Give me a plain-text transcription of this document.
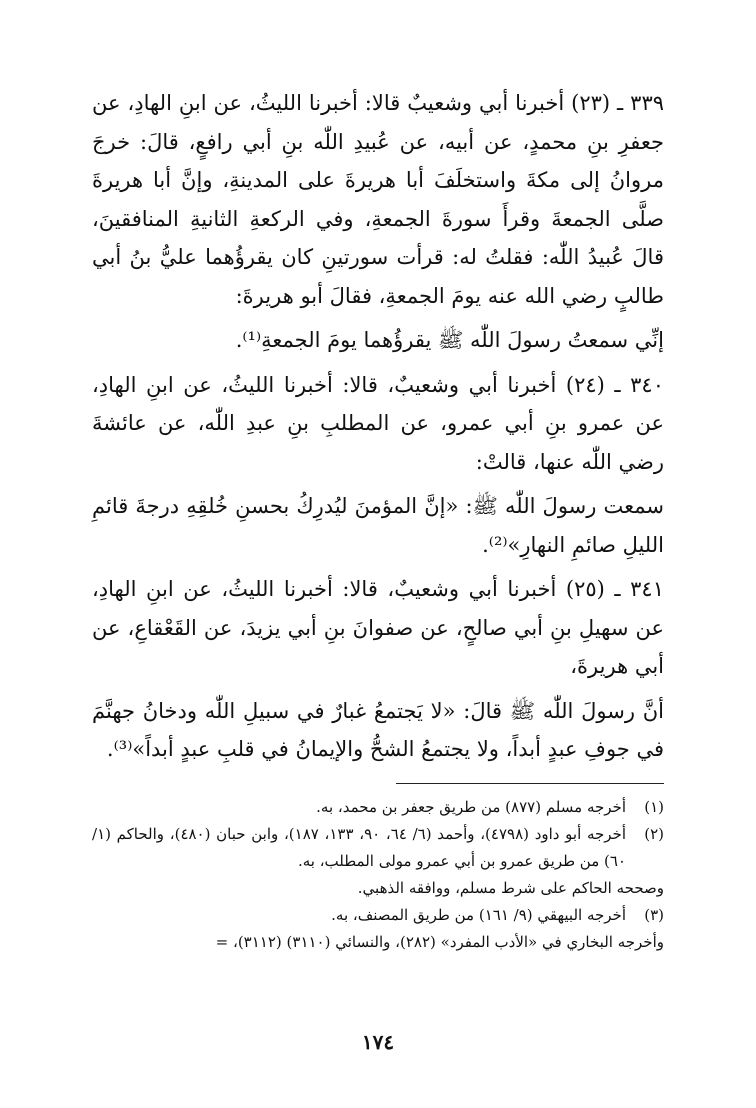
٣٣٩ ـ (٢٣) أخبرنا أبي وشعيبٌ قالا: أخبرنا الليثُ، عن ابنِ الهادِ، عن جعفرِ بنِ محمدٍ، عن أبيه، عن عُبيدِ اللّٰه بنِ أبي رافعٍ، قالَ: خرجَ مروانُ إلى مكةَ واستخلَفَ أبا هريرةَ على المدينةِ، وإنَّ أبا هريرةَ صلَّى الجمعةَ وقرأَ سورةَ الجمعةِ، وفي الركعةِ الثانيةِ المنافقينَ، قالَ عُبيدُ اللّٰه: فقلتُ له: قرأت سورتينِ كان يقرؤُهما عليُّ بنُ أبي طالبٍ رضي الله عنه يومَ الجمعةِ، فقالَ أبو هريرةَ:

إنِّي سمعتُ رسولَ اللّٰه ﷺ يقرؤُهما يومَ الجمعةِ⁽¹⁾.

٣٤٠ ـ (٢٤) أخبرنا أبي وشعيبٌ، قالا: أخبرنا الليثُ، عن ابنِ الهادِ، عن عمرو بنِ أبي عمرو، عن المطلبِ بنِ عبدِ اللّٰه، عن عائشةَ رضي اللّٰه عنها، قالتْ:

سمعت رسولَ اللّٰه ﷺ: «إنَّ المؤمنَ ليُدرِكُ بحسنِ خُلقِهِ درجةَ قائمِ الليلِ صائمِ النهارِ»⁽²⁾.

٣٤١ ـ (٢٥) أخبرنا أبي وشعيبٌ، قالا: أخبرنا الليثُ، عن ابنِ الهادِ، عن سهيلِ بنِ أبي صالحٍ، عن صفوانَ بنِ أبي يزيدَ، عن القَعْقاعِ، عن أبي هريرةَ،

أنَّ رسولَ اللّٰه ﷺ قالَ: «لا يَجتمعُ غبارٌ في سبيلِ اللّٰه ودخانُ جهنَّمَ في جوفِ عبدٍ أبداً، ولا يجتمعُ الشحُّ والإيمانُ في قلبِ عبدٍ أبداً»⁽³⁾.

(١)
أخرجه مسلم (٨٧٧) من طريق جعفر بن محمد، به.
(٢)
أخرجه أبو داود (٤٧٩٨)، وأحمد (٦/ ٦٤، ٩٠، ١٣٣، ١٨٧)، وابن حبان (٤٨٠)، والحاكم (١/ ٦٠) من طريق عمرو بن أبي عمرو مولى المطلب، به.
وصححه الحاكم على شرط مسلم، ووافقه الذهبي.
(٣)
أخرجه البيهقي (٩/ ١٦١) من طريق المصنف، به.
وأخرجه البخاري في «الأدب المفرد» (٢٨٢)، والنسائي (٣١١٠) (٣١١٢)، =
١٧٤
